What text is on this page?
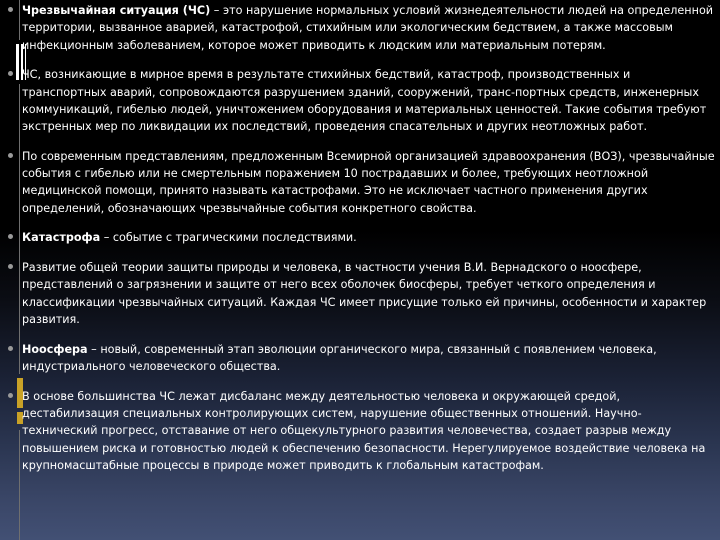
Чрезвычайная ситуация (ЧС) – это нарушение нормальных условий жизнедеятельности людей на определенной территории, вызванное аварией, катастрофой, стихийным или экологическим бедствием, а также массовым инфекционным заболеванием, которое может приводить к людским или материальным потерям.

ЧС, возникающие в мирное время в результате стихийных бедствий, катастроф, производственных и транспортных аварий, сопровождаются разрушением зданий, сооружений, транс-портных средств, инженерных коммуникаций, гибелью людей, уничтожением оборудования и материальных ценностей. Такие события требуют экстренных мер по ликвидации их последствий, проведения спасательных и других неотложных работ.

По современным представлениям, предложенным Всемирной организацией здравоохранения (ВОЗ), чрезвычайные события с гибелью или не смертельным поражением 10 пострадавших и более, требующих неотложной медицинской помощи, принято называть катастрофами. Это не исключает частного применения других определений, обозначающих чрезвычайные события конкретного свойства.

Катастрофа – событие с трагическими последствиями.

Развитие общей теории защиты природы и человека, в частности учения В.И. Вернадского о ноосфере, представлений о загрязнении и защите от него всех оболочек биосферы, требует четкого определения и классификации чрезвычайных ситуаций. Каждая ЧС имеет присущие только ей причины, особенности и характер развития.

Ноосфера – новый, современный этап эволюции органического мира, связанный с появлением человека, индустриального человеческого общества.

В основе большинства ЧС лежат дисбаланс между деятельностью человека и окружающей средой, дестабилизация специальных контролирующих систем, нарушение общественных отношений. Научно-технический прогресс, отставание от него общекультурного развития человечества, создает разрыв между повышением риска и готовностью людей к обеспечению безопасности. Нерегулируемое воздействие человека на крупномасштабные процессы в природе может приводить к глобальным катастрофам.
